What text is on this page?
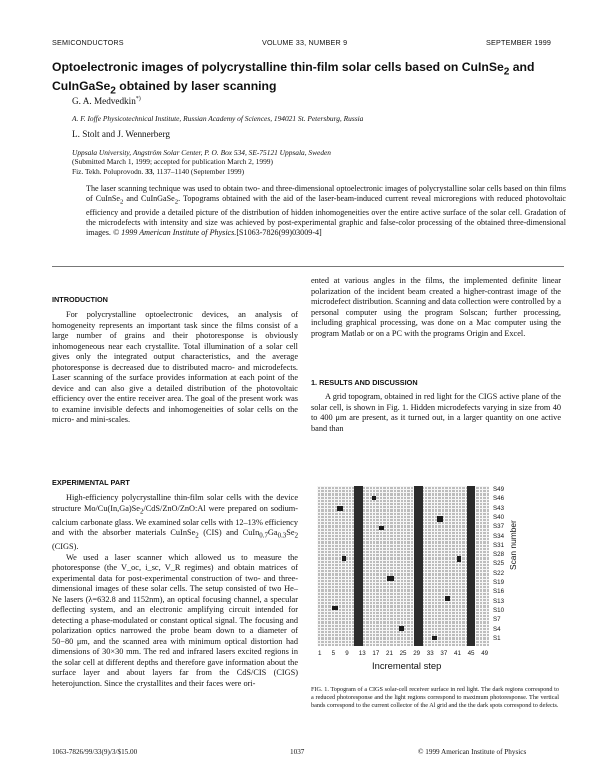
SEMICONDUCTORS	VOLUME 33, NUMBER 9	SEPTEMBER 1999
Optoelectronic images of polycrystalline thin-film solar cells based on CuInSe$_2$ and
CuInGaSe$_2$ obtained by laser scanning
G. A. Medvedkin*)
A. F. Ioffe Physicotechnical Institute, Russian Academy of Sciences, 194021 St. Petersburg, Russia
L. Stolt and J. Wennerberg
Uppsala University, Angström Solar Center, P. O. Box 534, SE-75121 Uppsala, Sweden
(Submitted March 1, 1999; accepted for publication March 2, 1999)
Fiz. Tekh. Poluprovodn. 33, 1137–1140 (September 1999)
The laser scanning technique was used to obtain two- and three-dimensional optoelectronic images of polycrystalline solar cells based on thin films of CuInSe$_2$ and CuInGaSe$_2$. Topograms obtained with the aid of the laser-beam-induced current reveal microregions with reduced photovoltaic efficiency and provide a detailed picture of the distribution of hidden inhomogeneities over the entire active surface of the solar cell. Gradation of the microdefects with intensity and size was achieved by post-experimental graphic and false-color processing of the obtained three-dimensional images. © 1999 American Institute of Physics.[S1063-7826(99)03009-4]
INTRODUCTION

For polycrystalline optoelectronic devices, an analysis of homogeneity represents an important task since the films consist of a large number of grains and their photoresponse is obviously inhomogeneous near each crystallite. Total illumination of a solar cell gives only the integrated output characteristics, and the average photoresponse is decreased due to distributed macro- and microdefects. Laser scanning of the surface provides information at each point of the device and can also give a detailed distribution of the photovoltaic efficiency over the entire receiver area. The goal of the present work was to examine invisible defects and inhomogeneities of solar cells on the micro- and mini-scales.

EXPERIMENTAL PART

High-efficiency polycrystalline thin-film solar cells with the device structure $Mo/Cu(In,Ga)Se_2/CdS/ZnO/ZnO:Al$ were prepared on sodium-calcium carbonate glass. We examined solar cells with 12–13% efficiency and with the absorber materials CuInSe$_2$ (CIS) and $CuIn_{0.7}Ga_{0.3}Se_2$ (CIGS).

We used a laser scanner which allowed us to measure the photoresponse (the V_oc, i_sc, V_R regimes) and obtain matrices of experimental data for post-experimental construction of two- and three-dimensional images of these solar cells. The setup consisted of two He–Ne lasers (λ=632.8 and 1152nm), an optical focusing channel, a specular deflecting system, and an electronic amplifying circuit intended for detecting a phase-modulated or constant optical signal. The focusing and polarization optics narrowed the probe beam down to a diameter of 50−80 μm, and the scanned area with minimum optical distortion had dimensions of 30×30 mm. The red and infrared lasers excited regions in the solar cell at different depths and therefore gave information about the surface layer and about layers far from the CdS/CIS (CIGS) heterojunction. Since the crystallites and their faces were ori-

ented at various angles in the films, the implemented definite linear polarization of the incident beam created a higher-contrast image of the microdefect distribution. Scanning and data collection were controlled by a personal computer using the program Solscan; further processing, including graphical processing, was done on a Mac computer using the program Matlab or on a PC with the programs Origin and Excel.

1. RESULTS AND DISCUSSION

A grid topogram, obtained in red light for the CIGS active plane of the solar cell, is shown in Fig. 1. Hidden microdefects varying in size from 40 to 400 μm are present, as it turned out, in a larger quantity on one active band than

S49
S46
S43
S40
S37
S34
S31
S28
S25
S22
S19
S16
S13
S10
S7
S4
S1
1 5 9 13 17 21 25 29 33 37 41 45 49
Incremental step
Scan number
FIG. 1. Topogram of a CIGS solar-cell receiver surface in red light. The dark regions correspond to a reduced photoresponse and the light regions correspond to maximum photoresponse. The vertical bands correspond to the current collector of the Al grid and the the dark spots correspond to defects.
1063-7826/99/33(9)/3/$15.00	1037	© 1999 American Institute of Physics
